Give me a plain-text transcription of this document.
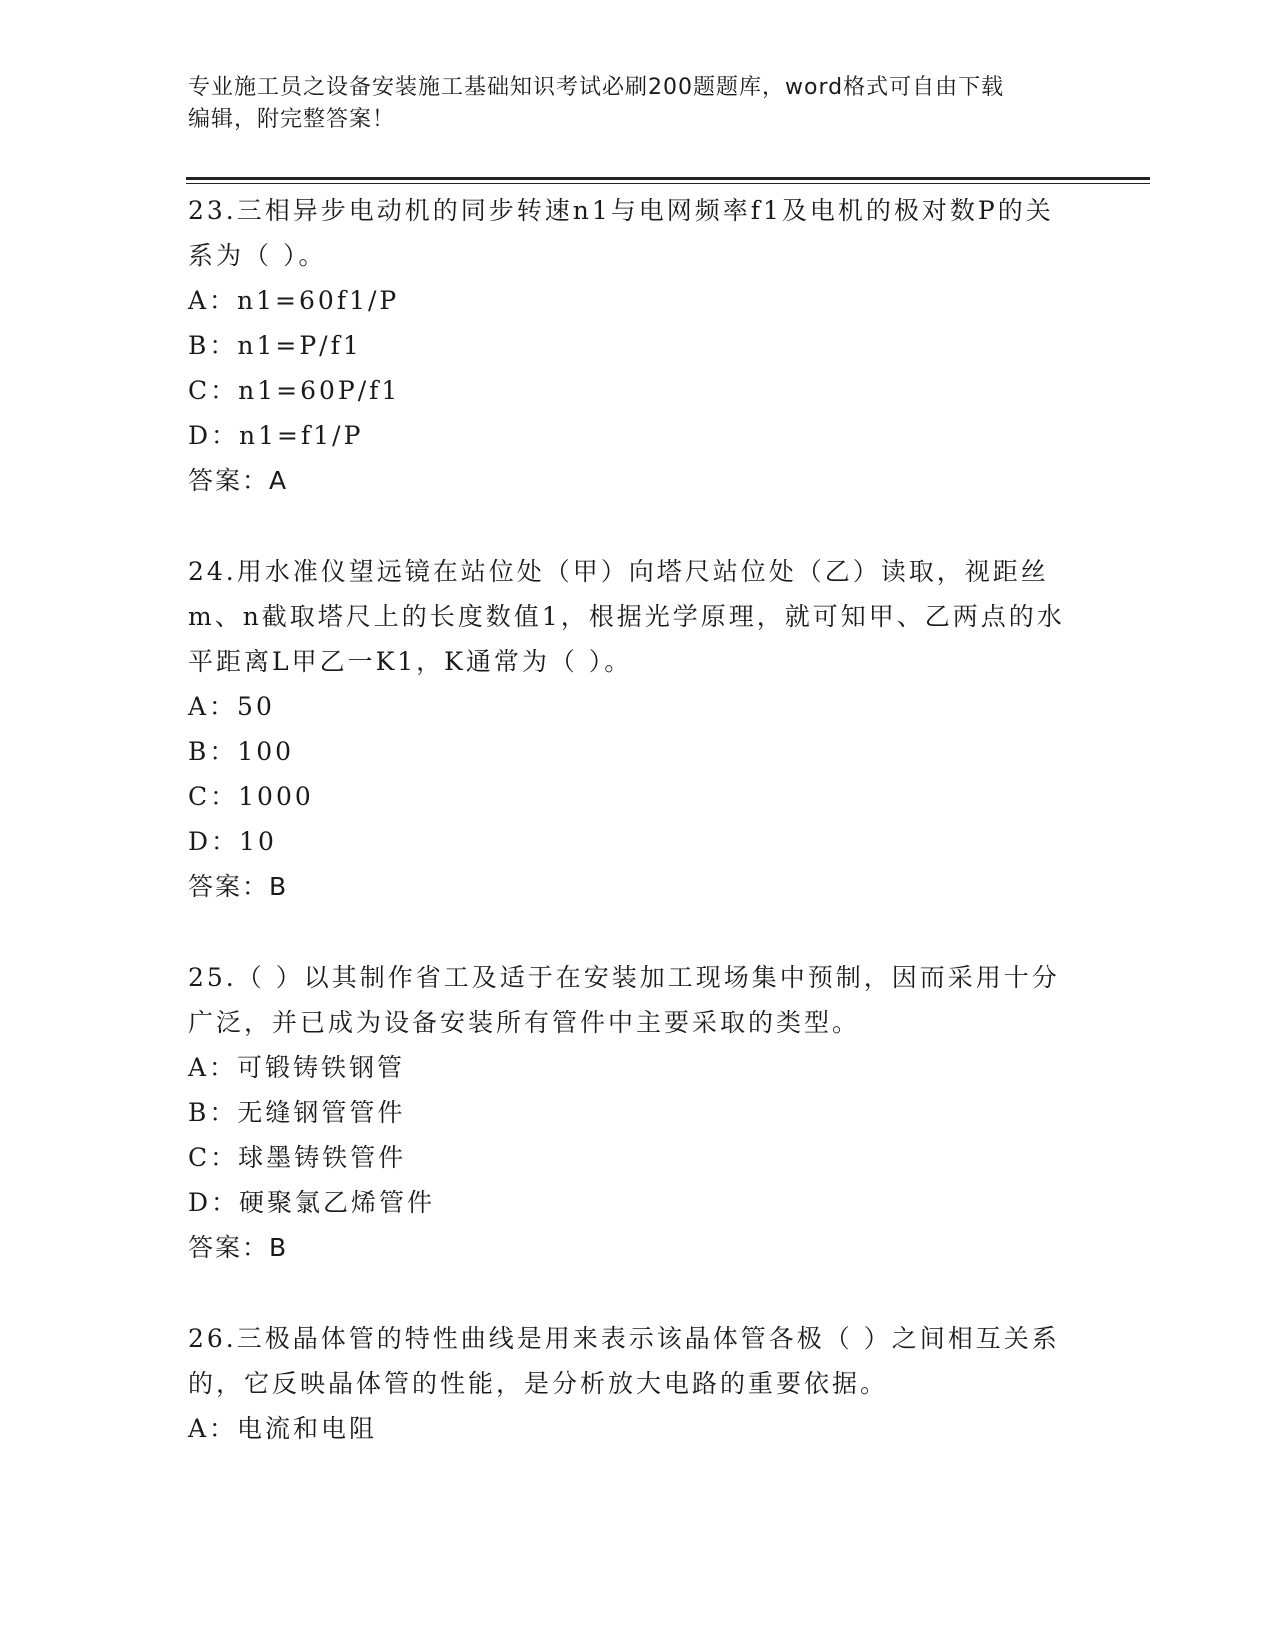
专业施工员之设备安装施工基础知识考试必刷200题题库，word格式可自由下载
编辑，附完整答案！

23.三相异步电动机的同步转速n1与电网频率f1及电机的极对数P的关系为（ ）。

A：n1=60f1/P

B：n1=P/f1

C：n1=60P/f1

D：n1=f1/P

答案：A

24.用水准仪望远镜在站位处（甲）向塔尺站位处（乙）读取，视距丝m、n截取塔尺上的长度数值1，根据光学原理，就可知甲、乙两点的水平距离L甲乙一K1，K通常为（ ）。

A：50

B：100

C：1000

D：10

答案：B

25.（ ）以其制作省工及适于在安装加工现场集中预制，因而采用十分广泛，并已成为设备安装所有管件中主要采取的类型。

A：可锻铸铁钢管

B：无缝钢管管件

C：球墨铸铁管件

D：硬聚氯乙烯管件

答案：B

26.三极晶体管的特性曲线是用来表示该晶体管各极（ ）之间相互关系的，它反映晶体管的性能，是分析放大电路的重要依据。

A：电流和电阻
